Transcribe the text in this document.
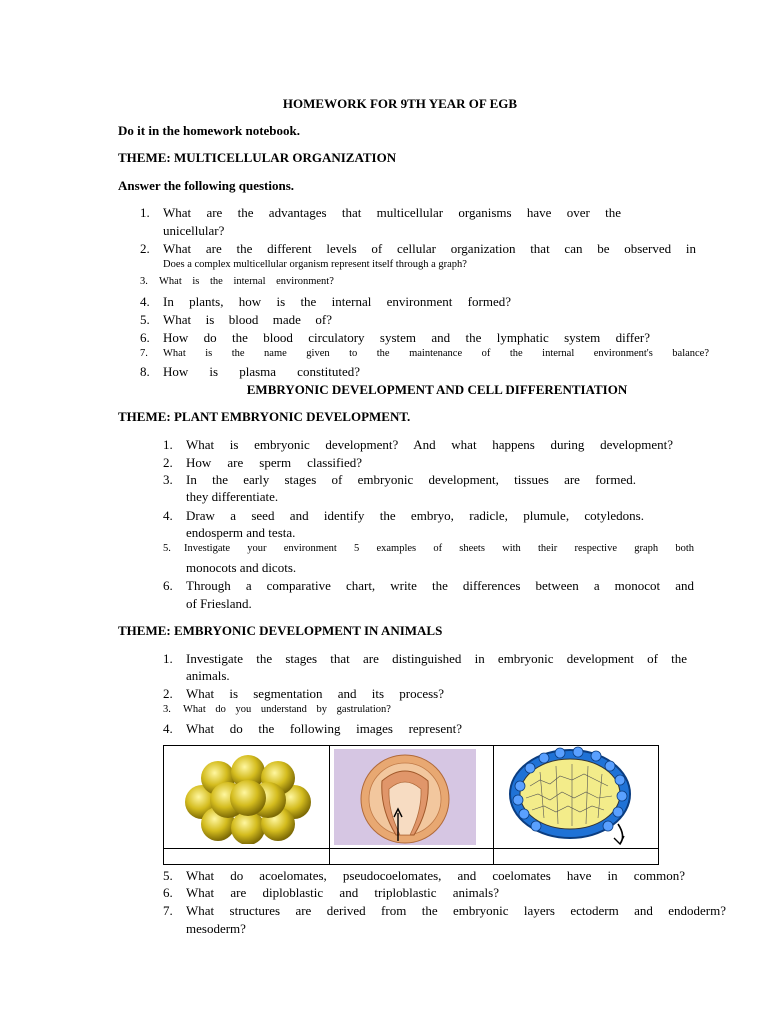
HOMEWORK FOR 9TH YEAR OF EGB
Do it in the homework notebook.
THEME: MULTICELLULAR ORGANIZATION
Answer the following questions.
1. What are the advantages that multicellular organisms have over the
unicellular?
2. What are the different levels of cellular organization that can be observed in
Does a complex multicellular organism represent itself through a graph?
3. What is the internal environment?
4. In plants, how is the internal environment formed?
5. What is blood made of?
6. How do the blood circulatory system and the lymphatic system differ?
7. What is the name given to the maintenance of the internal environment's balance?
8. How is plasma constituted?
EMBRYONIC DEVELOPMENT AND CELL DIFFERENTIATION
THEME: PLANT EMBRYONIC DEVELOPMENT.
1. What is embryonic development? And what happens during development?
2. How are sperm classified?
3. In the early stages of embryonic development, tissues are formed.
they differentiate.
4. Draw a seed and identify the embryo, radicle, plumule, cotyledons.
endosperm and testa.
5. Investigate your environment 5 examples of sheets with their respective graph both
monocots and dicots.
6. Through a comparative chart, write the differences between a monocot and
of Friesland.
THEME: EMBRYONIC DEVELOPMENT IN ANIMALS
1. Investigate the stages that are distinguished in embryonic development of the
animals.
2. What is segmentation and its process?
3. What do you understand by gastrulation?
4. What do the following images represent?
5. What do acoelomates, pseudocoelomates, and coelomates have in common?
6. What are diploblastic and triploblastic animals?
7. What structures are derived from the embryonic layers ectoderm and endoderm?
mesoderm?
